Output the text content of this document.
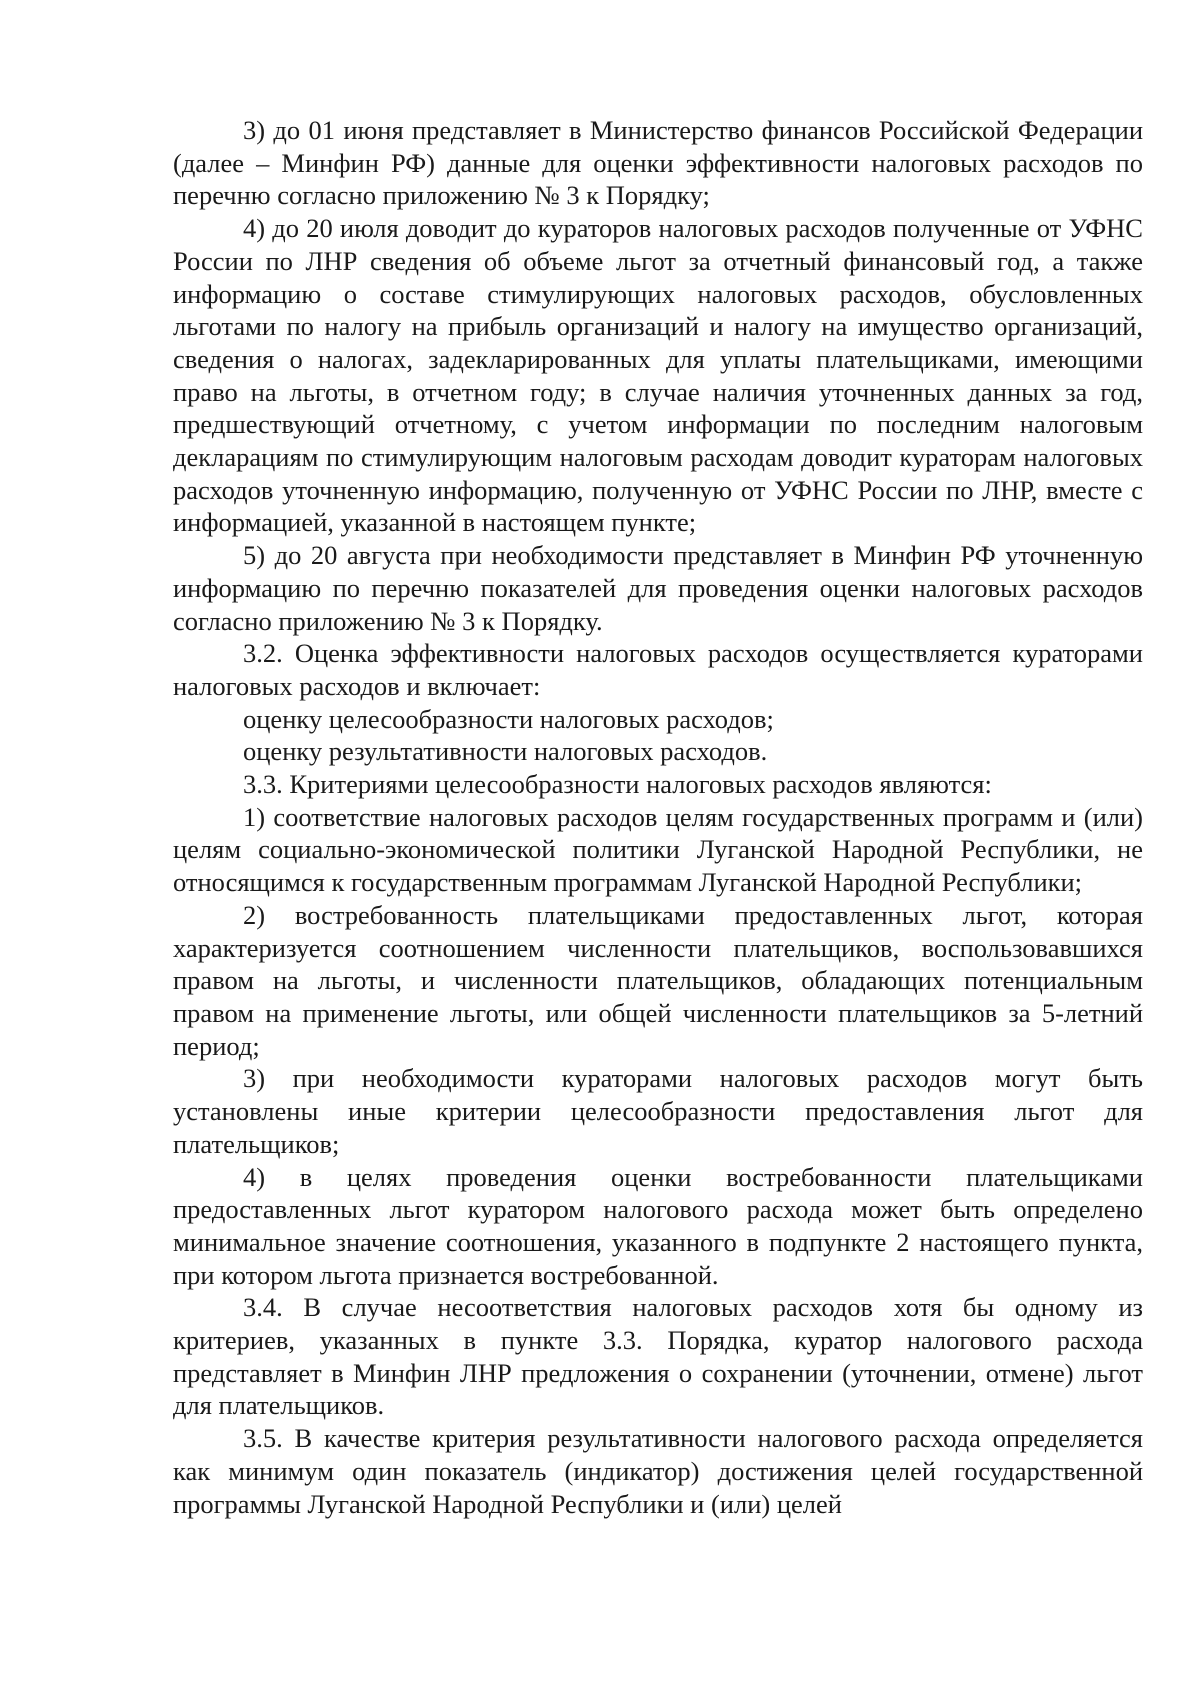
3) до 01 июня представляет в Министерство финансов Российской Федерации (далее – Минфин РФ) данные для оценки эффективности налоговых расходов по перечню согласно приложению № 3 к Порядку;

4) до 20 июля доводит до кураторов налоговых расходов полученные от УФНС России по ЛНР сведения об объеме льгот за отчетный финансовый год, а также информацию о составе стимулирующих налоговых расходов, обусловленных льготами по налогу на прибыль организаций и налогу на имущество организаций, сведения о налогах, задекларированных для уплаты плательщиками, имеющими право на льготы, в отчетном году; в случае наличия уточненных данных за год, предшествующий отчетному, с учетом информации по последним налоговым декларациям по стимулирующим налоговым расходам доводит кураторам налоговых расходов уточненную информацию, полученную от УФНС России по ЛНР, вместе с информацией, указанной в настоящем пункте;

5) до 20 августа при необходимости представляет в Минфин РФ уточненную информацию по перечню показателей для проведения оценки налоговых расходов согласно приложению № 3 к Порядку.

3.2. Оценка эффективности налоговых расходов осуществляется кураторами налоговых расходов и включает:

оценку целесообразности налоговых расходов;

оценку результативности налоговых расходов.

3.3. Критериями целесообразности налоговых расходов являются:

1) соответствие налоговых расходов целям государственных программ и (или) целям социально-экономической политики Луганской Народной Республики, не относящимся к государственным программам Луганской Народной Республики;

2) востребованность плательщиками предоставленных льгот, которая характеризуется соотношением численности плательщиков, воспользовавшихся правом на льготы, и численности плательщиков, обладающих потенциальным правом на применение льготы, или общей численности плательщиков за 5-летний период;

3) при необходимости кураторами налоговых расходов могут быть установлены иные критерии целесообразности предоставления льгот для плательщиков;

4) в целях проведения оценки востребованности плательщиками предоставленных льгот куратором налогового расхода может быть определено минимальное значение соотношения, указанного в подпункте 2 настоящего пункта, при котором льгота признается востребованной.

3.4. В случае несоответствия налоговых расходов хотя бы одному из критериев, указанных в пункте 3.3. Порядка, куратор налогового расхода представляет в Минфин ЛНР предложения о сохранении (уточнении, отмене) льгот для плательщиков.

3.5. В качестве критерия результативности налогового расхода определяется как минимум один показатель (индикатор) достижения целей государственной программы Луганской Народной Республики и (или) целей
